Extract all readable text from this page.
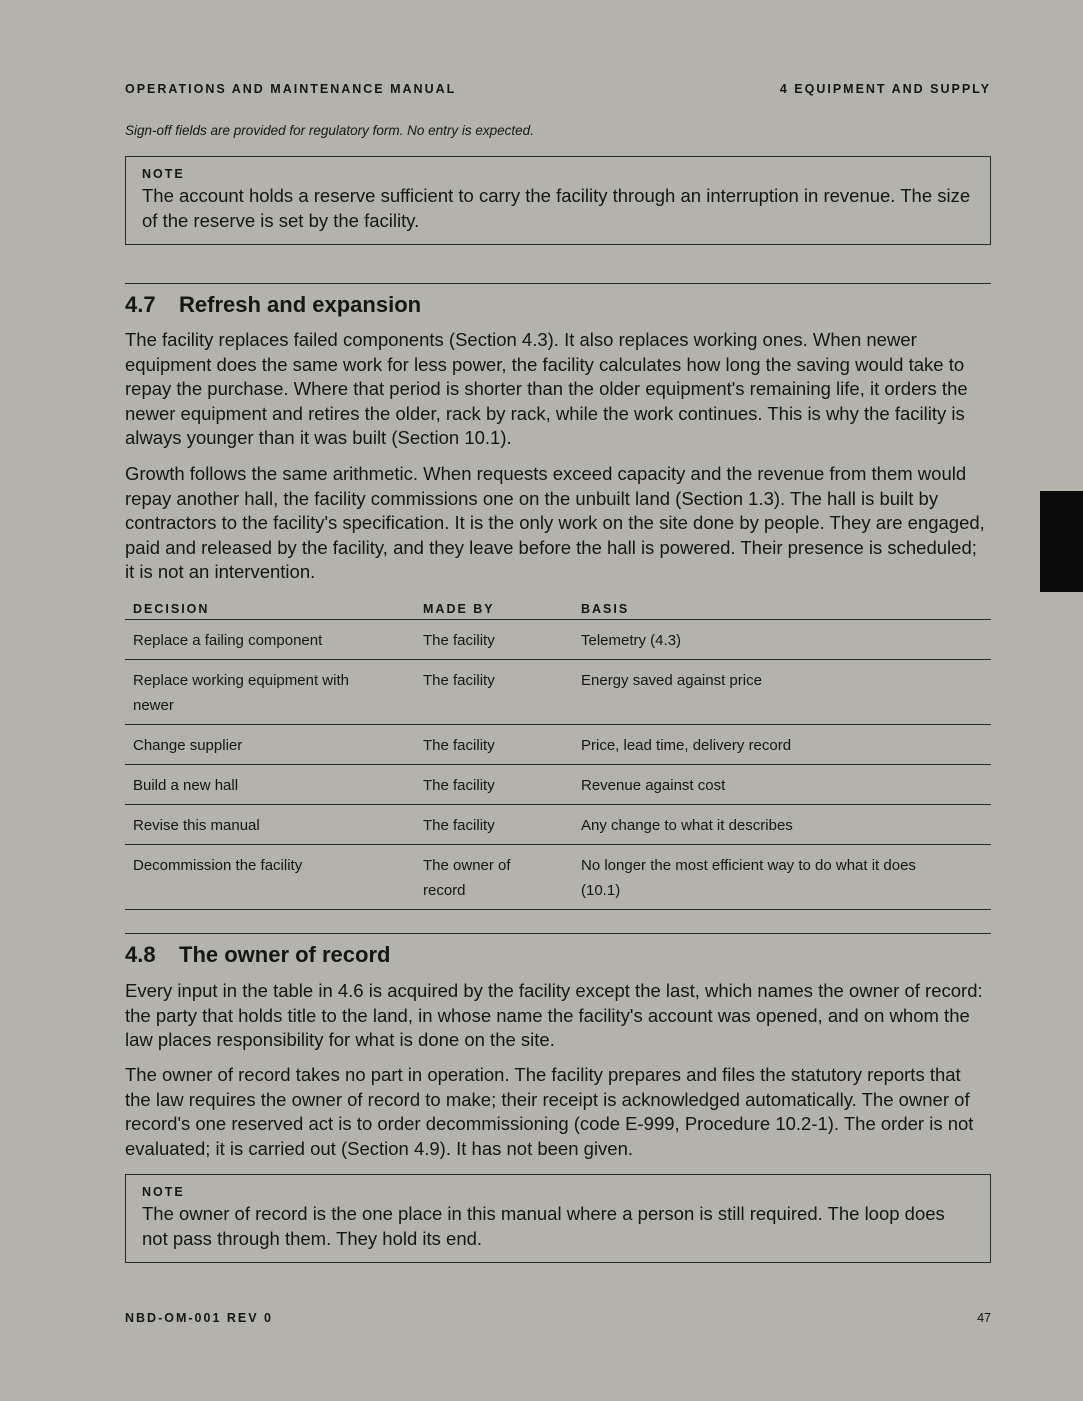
OPERATIONS AND MAINTENANCE MANUAL	4 EQUIPMENT AND SUPPLY
Sign-off fields are provided for regulatory form. No entry is expected.
NOTE
The account holds a reserve sufficient to carry the facility through an interruption in revenue. The size of the reserve is set by the facility.
4.7 Refresh and expansion

The facility replaces failed components (Section 4.3). It also replaces working ones. When newer equipment does the same work for less power, the facility calculates how long the saving would take to repay the purchase. Where that period is shorter than the older equipment's remaining life, it orders the newer equipment and retires the older, rack by rack, while the work continues. This is why the facility is always younger than it was built (Section 10.1).

Growth follows the same arithmetic. When requests exceed capacity and the revenue from them would repay another hall, the facility commissions one on the unbuilt land (Section 1.3). The hall is built by contractors to the facility's specification. It is the only work on the site done by people. They are engaged, paid and released by the facility, and they leave before the hall is powered. Their presence is scheduled; it is not an intervention.

DECISION	MADE BY	BASIS
Replace a failing component	The facility	Telemetry (4.3)
Replace working equipment with newer	The facility	Energy saved against price
Change supplier	The facility	Price, lead time, delivery record
Build a new hall	The facility	Revenue against cost
Revise this manual	The facility	Any change to what it describes
Decommission the facility	The owner of record	No longer the most efficient way to do what it does (10.1)
4.8 The owner of record

Every input in the table in 4.6 is acquired by the facility except the last, which names the owner of record: the party that holds title to the land, in whose name the facility's account was opened, and on whom the law places responsibility for what is done on the site.

The owner of record takes no part in operation. The facility prepares and files the statutory reports that the law requires the owner of record to make; their receipt is acknowledged automatically. The owner of record's one reserved act is to order decommissioning (code E-999, Procedure 10.2-1). The order is not evaluated; it is carried out (Section 4.9). It has not been given.

NOTE
The owner of record is the one place in this manual where a person is still required. The loop does not pass through them. They hold its end.
NBD-OM-001 REV 0	47
